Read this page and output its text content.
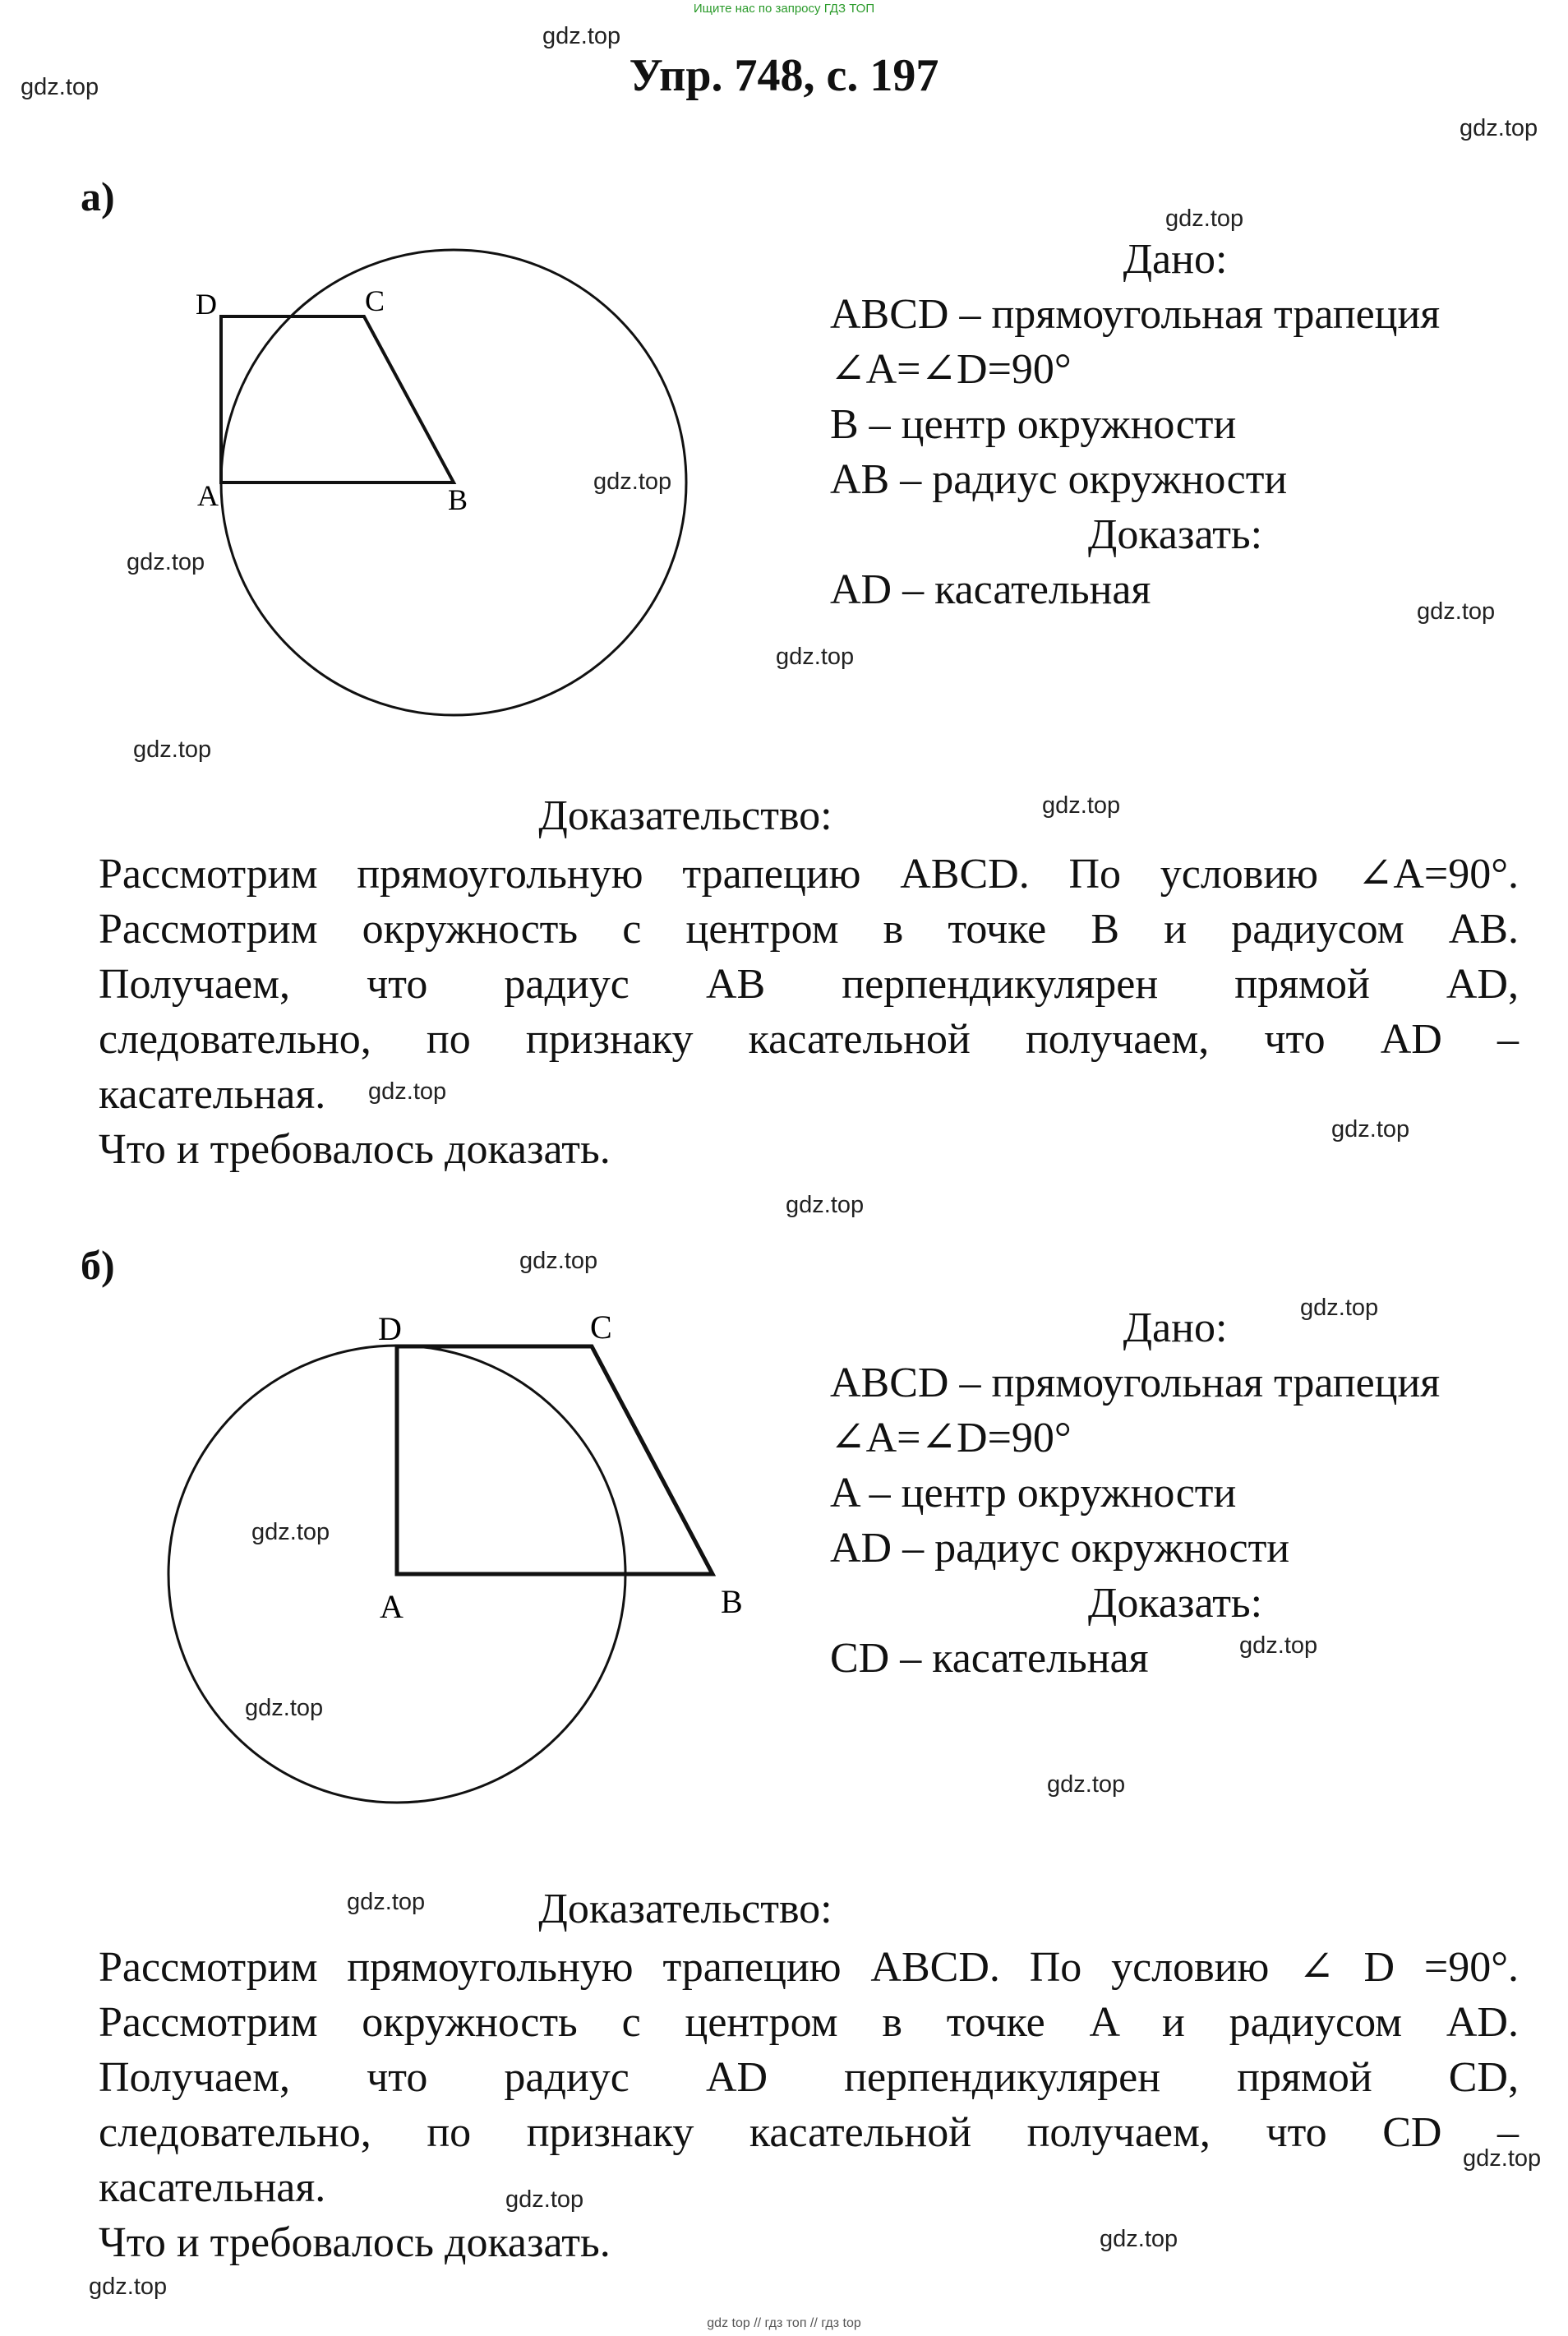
Ищите нас по запросу ГДЗ ТОП
Упр. 748, с. 197
а)
D	C
A	B
Дано:
ABCD – прямоугольная трапеция
∠A=∠D=90°
B – центр окружности
AB – радиус окружности
Доказать:
AD – касательная
Доказательство:
Рассмотрим прямоугольную трапецию ABCD. По условию ∠A=90°.
Рассмотрим окружность с центром в точке B и радиусом AB.
Получаем, что радиус AB перпендикулярен прямой AD,
следовательно, по признаку касательной получаем, что AD –
касательная.
Что и требовалось доказать.
б)
D	C
A	B
Дано:
ABCD – прямоугольная трапеция
∠A=∠D=90°
A – центр окружности
AD – радиус окружности
Доказать:
CD – касательная
Доказательство:
Рассмотрим прямоугольную трапецию ABCD. По условию ∠ D =90°.
Рассмотрим окружность с центром в точке A и радиусом AD.
Получаем, что радиус AD перпендикулярен прямой CD,
следовательно, по признаку касательной получаем, что CD –
касательная.
Что и требовалось доказать.
gdz.top
gdz.top
gdz.top
gdz.top
gdz.top
gdz.top
gdz.top
gdz.top
gdz.top
gdz.top
gdz.top
gdz.top
gdz.top
gdz.top
gdz.top
gdz.top
gdz.top
gdz.top
gdz.top
gdz.top
gdz.top
gdz.top
gdz.top
gdz.top
gdz top // гдз топ // гдз top
